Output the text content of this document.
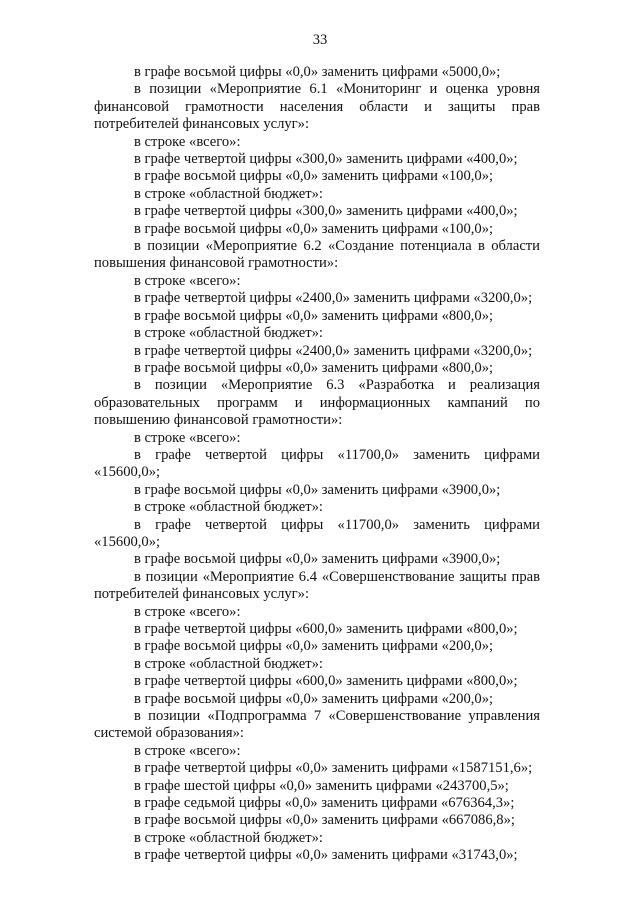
33

в графе восьмой цифры «0,0» заменить цифрами «5000,0»;

в позиции «Мероприятие 6.1 «Мониторинг и оценка уровня финансовой грамотности населения области и защиты прав потребителей финансовых услуг»:

в строке «всего»:

в графе четвертой цифры «300,0» заменить цифрами «400,0»;

в графе восьмой цифры «0,0» заменить цифрами «100,0»;

в строке «областной бюджет»:

в графе четвертой цифры «300,0» заменить цифрами «400,0»;

в графе восьмой цифры «0,0» заменить цифрами «100,0»;

в позиции «Мероприятие 6.2 «Создание потенциала в области повышения финансовой грамотности»:

в строке «всего»:

в графе четвертой цифры «2400,0» заменить цифрами «3200,0»;

в графе восьмой цифры «0,0» заменить цифрами «800,0»;

в строке «областной бюджет»:

в графе четвертой цифры «2400,0» заменить цифрами «3200,0»;

в графе восьмой цифры «0,0» заменить цифрами «800,0»;

в позиции «Мероприятие 6.3 «Разработка и реализация образовательных программ и информационных кампаний по повышению финансовой грамотности»:

в строке «всего»:

в графе четвертой цифры «11700,0» заменить цифрами «15600,0»;

в графе восьмой цифры «0,0» заменить цифрами «3900,0»;

в строке «областной бюджет»:

в графе четвертой цифры «11700,0» заменить цифрами «15600,0»;

в графе восьмой цифры «0,0» заменить цифрами «3900,0»;

в позиции «Мероприятие 6.4 «Совершенствование защиты прав потребителей финансовых услуг»:

в строке «всего»:

в графе четвертой цифры «600,0» заменить цифрами «800,0»;

в графе восьмой цифры «0,0» заменить цифрами «200,0»;

в строке «областной бюджет»:

в графе четвертой цифры «600,0» заменить цифрами «800,0»;

в графе восьмой цифры «0,0» заменить цифрами «200,0»;

в позиции «Подпрограмма 7 «Совершенствование управления системой образования»:

в строке «всего»:

в графе четвертой цифры «0,0» заменить цифрами «1587151,6»;

в графе шестой цифры «0,0» заменить цифрами «243700,5»;

в графе седьмой цифры «0,0» заменить цифрами «676364,3»;

в графе восьмой цифры «0,0» заменить цифрами «667086,8»;

в строке «областной бюджет»:

в графе четвертой цифры «0,0» заменить цифрами «31743,0»;
